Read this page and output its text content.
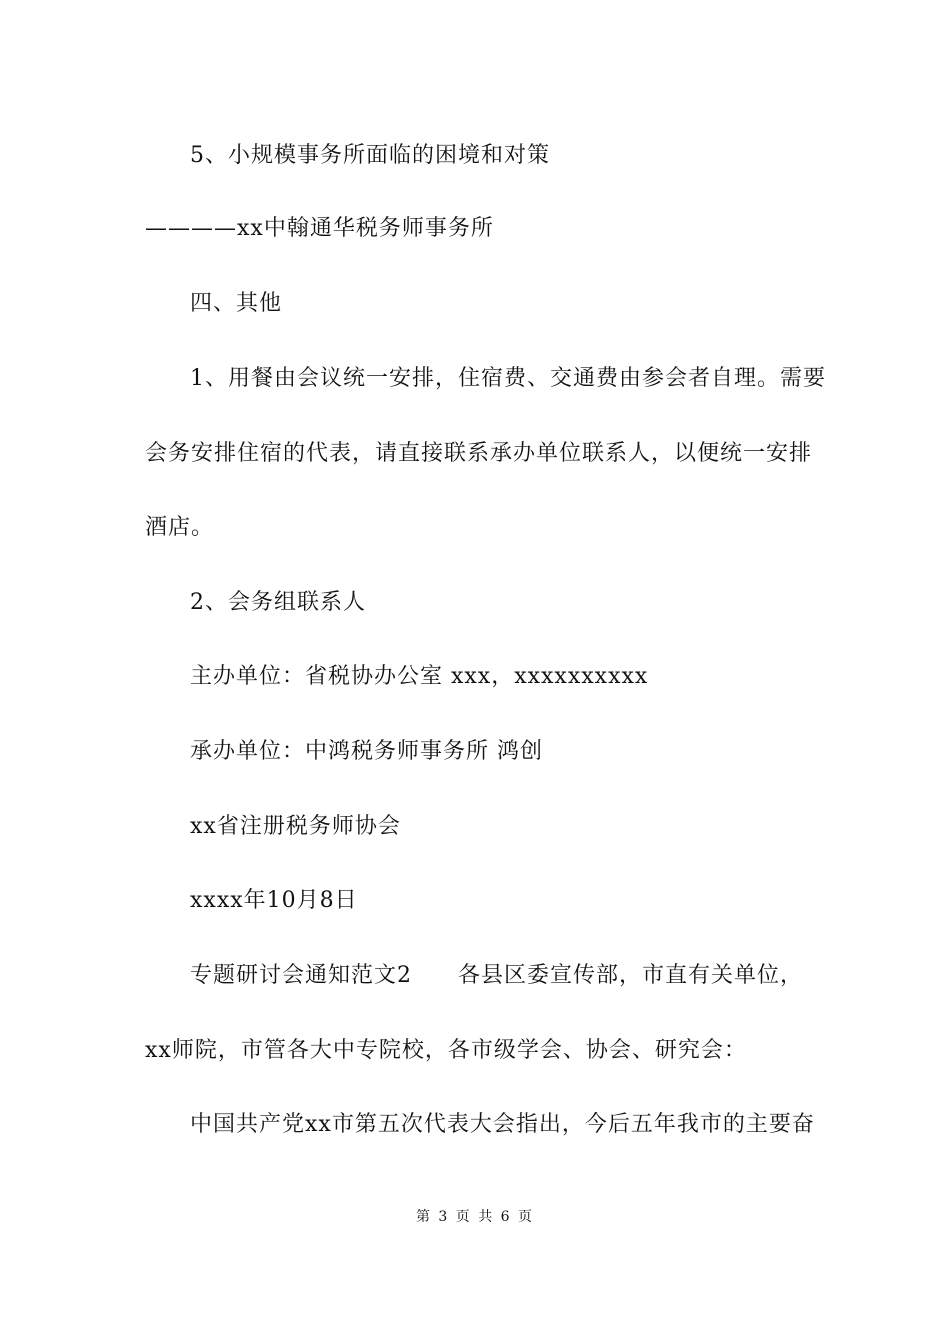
5、小规模事务所面临的困境和对策
————xx中翰通华税务师事务所
四、其他
1、用餐由会议统一安排，住宿费、交通费由参会者自理。需要
会务安排住宿的代表，请直接联系承办单位联系人，以便统一安排
酒店。
2、会务组联系人
主办单位：省税协办公室 xxx，xxxxxxxxxx
承办单位：中鸿税务师事务所 鸿创
xx省注册税务师协会
xxxx年10月8日
专题研讨会通知范文2　　各县区委宣传部，市直有关单位，
xx师院，市管各大中专院校，各市级学会、协会、研究会：
中国共产党xx市第五次代表大会指出，今后五年我市的主要奋
第 3 页 共 6 页
